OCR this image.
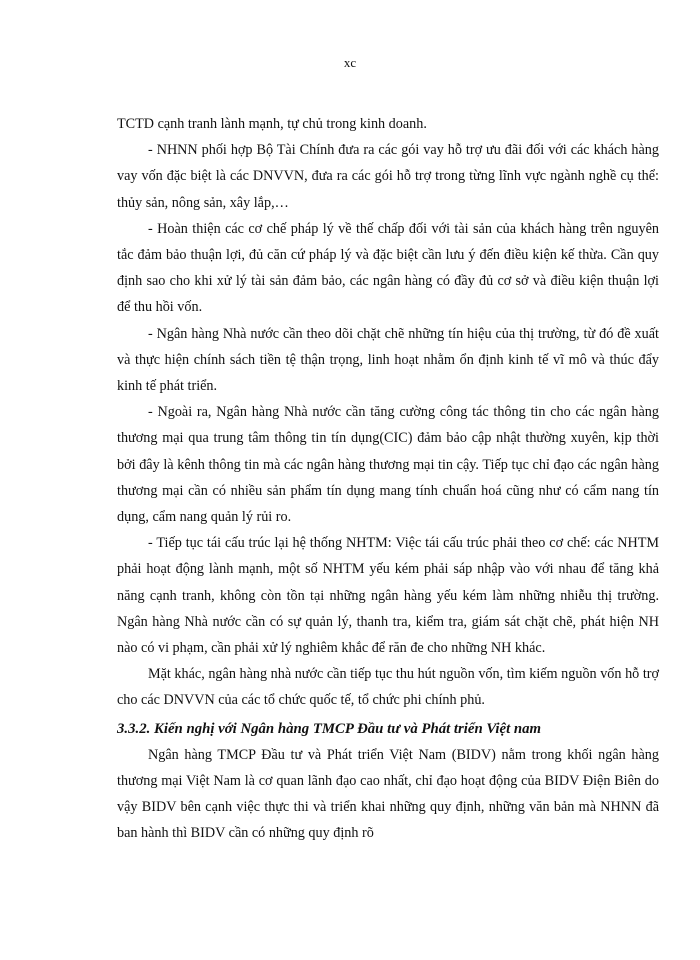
xc

TCTD cạnh tranh lành mạnh, tự chủ trong kinh doanh.

- NHNN phối hợp Bộ Tài Chính đưa ra các gói vay hỗ trợ ưu đãi đối với các khách hàng vay vốn đặc biệt là các DNVVN, đưa ra các gói hỗ trợ trong từng lĩnh vực ngành nghề cụ thể: thủy sản, nông sản, xây lắp,…

- Hoàn thiện các cơ chế pháp lý về thế chấp đối với tài sản của khách hàng trên nguyên tắc đảm bảo thuận lợi, đủ căn cứ pháp lý và đặc biệt cần lưu ý đến điều kiện kế thừa. Cần quy định sao cho khi xử lý tài sản đảm bảo, các ngân hàng có đầy đủ cơ sở và điều kiện thuận lợi để thu hồi vốn.

- Ngân hàng Nhà nước cần theo dõi chặt chẽ những tín hiệu của thị trường, từ đó đề xuất và thực hiện chính sách tiền tệ thận trọng, linh hoạt nhằm ổn định kinh tế vĩ mô và thúc đẩy kinh tế phát triển.

- Ngoài ra, Ngân hàng Nhà nước cần tăng cường công tác thông tin cho các ngân hàng thương mại qua trung tâm thông tin tín dụng(CIC) đảm bảo cập nhật thường xuyên, kịp thời bởi đây là kênh thông tin mà các ngân hàng thương mại tin cậy. Tiếp tục chỉ đạo các ngân hàng thương mại cần có nhiều sản phẩm tín dụng mang tính chuẩn hoá cũng như có cẩm nang tín dụng, cẩm nang quản lý rủi ro.

- Tiếp tục tái cấu trúc lại hệ thống NHTM: Việc tái cấu trúc phải theo cơ chế: các NHTM phải hoạt động lành mạnh, một số NHTM yếu kém phải sáp nhập vào với nhau để tăng khả năng cạnh tranh, không còn tồn tại những ngân hàng yếu kém làm những nhiễu thị trường. Ngân hàng Nhà nước cần có sự quản lý, thanh tra, kiểm tra, giám sát chặt chẽ, phát hiện NH nào có vi phạm, cần phải xử lý nghiêm khắc để răn đe cho những NH khác.

Mặt khác, ngân hàng nhà nước cần tiếp tục thu hút nguồn vốn, tìm kiếm nguồn vốn hỗ trợ cho các DNVVN của các tổ chức quốc tế, tổ chức phi chính phủ.

3.3.2. Kiến nghị với Ngân hàng TMCP Đầu tư và Phát triển Việt nam

Ngân hàng TMCP Đầu tư và Phát triển Việt Nam (BIDV) nằm trong khối ngân hàng thương mại Việt Nam là cơ quan lãnh đạo cao nhất, chỉ đạo hoạt động của BIDV Điện Biên do vậy BIDV bên cạnh việc thực thi và triển khai những quy định, những văn bản mà NHNN đã ban hành thì BIDV cần có những quy định rõ
